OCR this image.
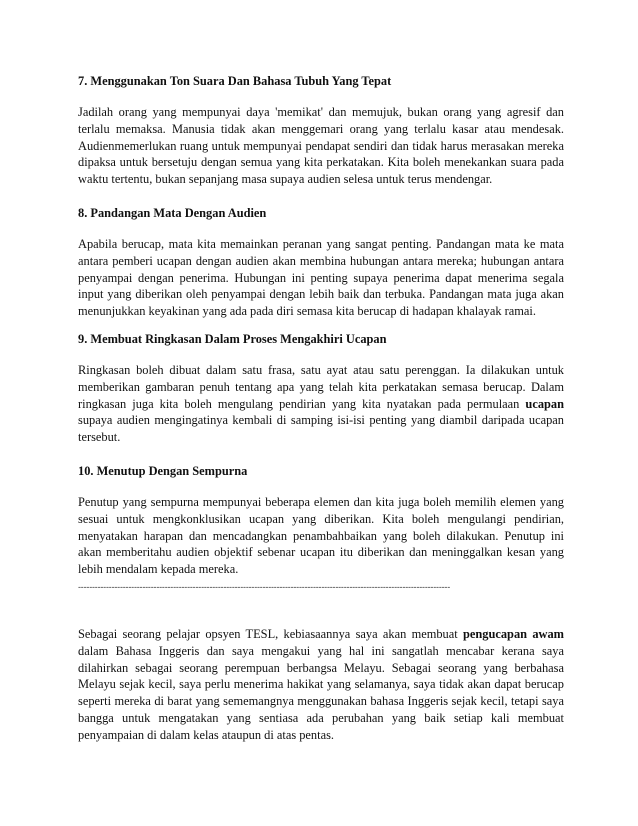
7. Menggunakan Ton Suara Dan Bahasa Tubuh Yang Tepat

Jadilah orang yang mempunyai daya 'memikat' dan memujuk, bukan orang yang agresif dan terlalu memaksa. Manusia tidak akan menggemari orang yang terlalu kasar atau mendesak. Audienmemerlukan ruang untuk mempunyai pendapat sendiri dan tidak harus merasakan mereka dipaksa untuk bersetuju dengan semua yang kita perkatakan. Kita boleh menekankan suara pada waktu tertentu, bukan sepanjang masa supaya audien selesa untuk terus mendengar.

8. Pandangan Mata Dengan Audien

Apabila berucap, mata kita memainkan peranan yang sangat penting. Pandangan mata ke mata antara pemberi ucapan dengan audien akan membina hubungan antara mereka; hubungan antara penyampai dengan penerima. Hubungan ini penting supaya penerima dapat menerima segala input yang diberikan oleh penyampai dengan lebih baik dan terbuka. Pandangan mata juga akan menunjukkan keyakinan yang ada pada diri semasa kita berucap di hadapan khalayak ramai.

9. Membuat Ringkasan Dalam Proses Mengakhiri Ucapan

Ringkasan boleh dibuat dalam satu frasa, satu ayat atau satu perenggan. Ia dilakukan untuk memberikan gambaran penuh tentang apa yang telah kita perkatakan semasa berucap. Dalam ringkasan juga kita boleh mengulang pendirian yang kita nyatakan pada permulaan ucapan supaya audien mengingatinya kembali di samping isi-isi penting yang diambil daripada ucapan tersebut.

10. Menutup Dengan Sempurna

Penutup yang sempurna mempunyai beberapa elemen dan kita juga boleh memilih elemen yang sesuai untuk mengkonklusikan ucapan yang diberikan. Kita boleh mengulangi pendirian, menyatakan harapan dan mencadangkan penambahbaikan yang boleh dilakukan. Penutup ini akan memberitahu audien objektif sebenar ucapan itu diberikan dan meninggalkan kesan yang lebih mendalam kepada mereka.

-------------------------------------------------------------------------------------------------------------------------------------

Sebagai seorang pelajar opsyen TESL, kebiasaannya saya akan membuat pengucapan awam dalam Bahasa Inggeris dan saya mengakui yang hal ini sangatlah mencabar kerana saya dilahirkan sebagai seorang perempuan berbangsa Melayu. Sebagai seorang yang berbahasa Melayu sejak kecil, saya perlu menerima hakikat yang selamanya, saya tidak akan dapat berucap seperti mereka di barat yang sememangnya menggunakan bahasa Inggeris sejak kecil, tetapi saya bangga untuk mengatakan yang sentiasa ada perubahan yang baik setiap kali membuat penyampaian di dalam kelas ataupun di atas pentas.
